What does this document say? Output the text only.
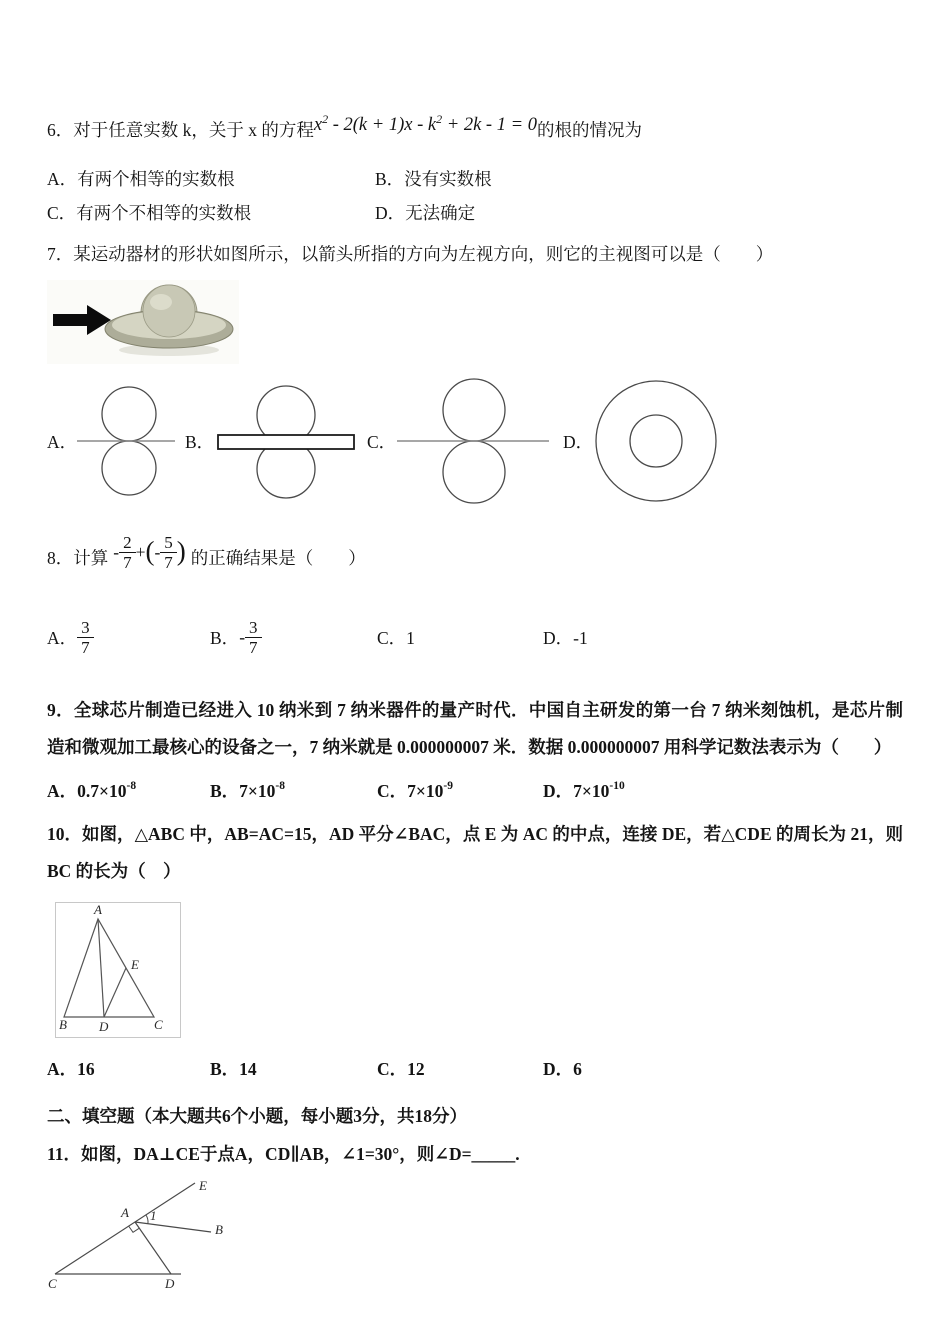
6．对于任意实数 k，关于 x 的方程$x^2 - 2(k + 1)x - k^2 + 2k - 1 = 0$的根的情况为
A．有两个相等的实数根	B．没有实数根
C．有两个不相等的实数根	D．无法确定
7．某运动器材的形状如图所示，以箭头所指的方向为左视方向，则它的主视图可以是（　　）
A．	B．	C．	D．
8．计算 - $\frac{2}{7}$ + ( - $\frac{5}{7}$ ) 的正确结果是（　　）
A． $\frac{3}{7}$	B． - $\frac{3}{7}$	C．1	D．-1
9．全球芯片制造已经进入 10 纳米到 7 纳米器件的量产时代．中国自主研发的第一台 7 纳米刻蚀机，是芯片制造和微观加工最核心的设备之一，7 纳米就是 0.000000007 米．数据 0.000000007 用科学记数法表示为（　　）
A．$0.7\times 10^{-8}$	B．$7\times 10^{-8}$	C．$7\times 10^{-9}$	D．$7\times 10^{-10}$
10．如图，△ABC 中，AB=AC=15，AD 平分∠BAC，点 E 为 AC 的中点，连接 DE，若△CDE 的周长为 21，则 BC 的长为（　）
A
B	C
D
E
A．16	B．14	C．12	D．6
二、填空题（本大题共6个小题，每小题3分，共18分）
11．如图，DA⊥CE于点A，CD∥AB，∠1=30°，则∠D=_____.
E
A
B
C	D
1
